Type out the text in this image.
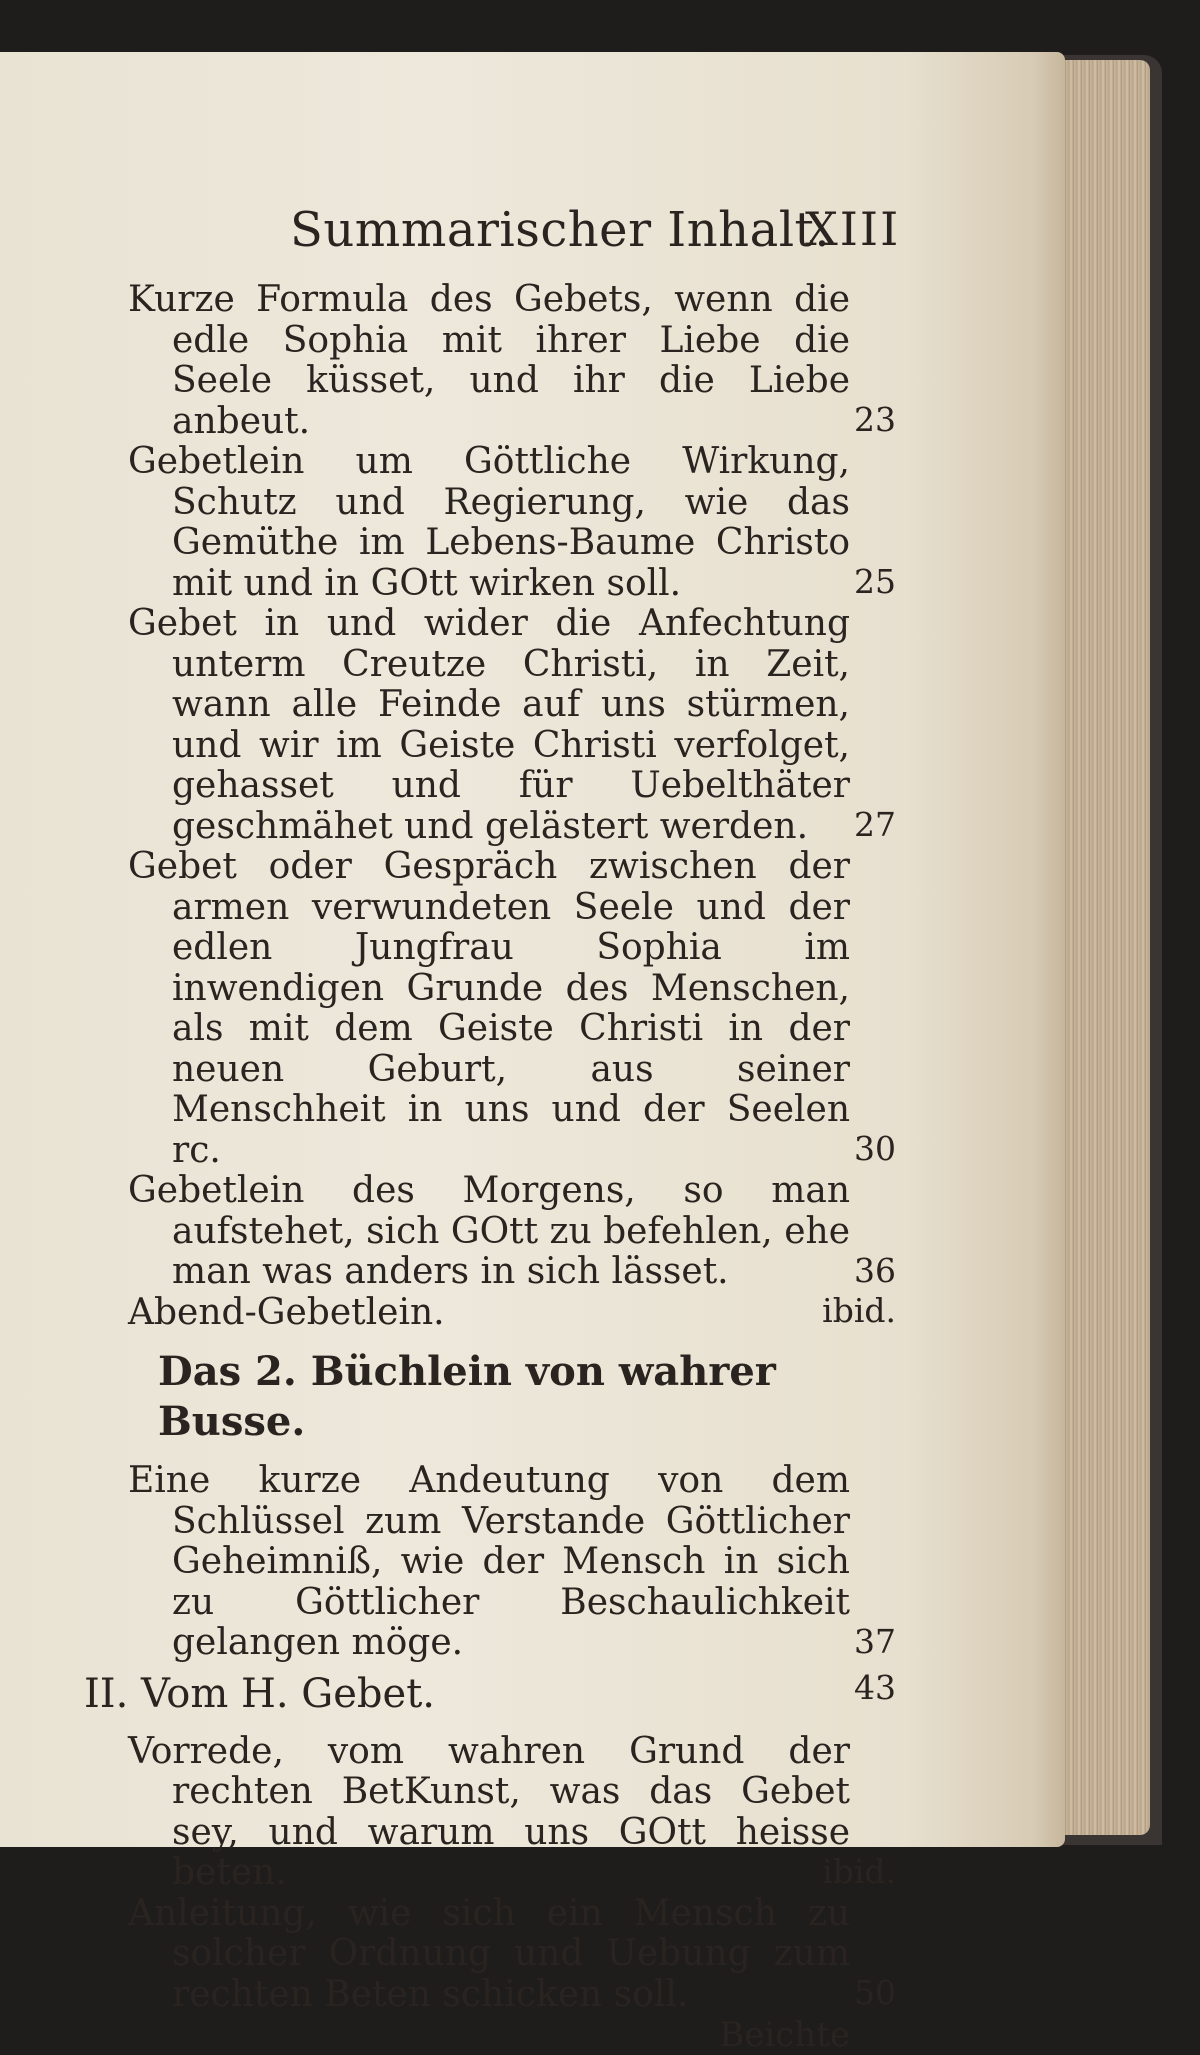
Summarischer Inhalt.
XIII
Kurze Formula des Gebets, wenn die edle Sophia mit ihrer Liebe die Seele küsset, und ihr die Liebe anbeut.	23
Gebetlein um Göttliche Wirkung, Schutz und Regierung, wie das Gemüthe im Lebens-Baume Christo mit und in GOtt wirken soll.	25
Gebet in und wider die Anfechtung unterm Creutze Christi, in Zeit, wann alle Feinde auf uns stürmen, und wir im Geiste Christi verfolget, gehasset und für Uebelthäter geschmähet und gelästert werden.	27
Gebet oder Gespräch zwischen der armen verwundeten Seele und der edlen Jungfrau Sophia im inwendigen Grunde des Menschen, als mit dem Geiste Christi in der neuen Geburt, aus seiner Menschheit in uns und der Seelen rc.	30
Gebetlein des Morgens, so man aufstehet, sich GOtt zu befehlen, ehe man was anders in sich lässet.	36
Abend-Gebetlein.	ibid.
Das 2. Büchlein von wahrer Busse.
Eine kurze Andeutung von dem Schlüssel zum Verstande Göttlicher Geheimniß, wie der Mensch in sich zu Göttlicher Beschaulichkeit gelangen möge.	37
II. Vom H. Gebet.	43
Vorrede, vom wahren Grund der rechten BetKunst, was das Gebet sey, und warum uns GOtt heisse beten.	ibid.
Anleitung, wie sich ein Mensch zu solcher Ordnung und Uebung zum rechten Beten schicken soll.	50
Beichte
